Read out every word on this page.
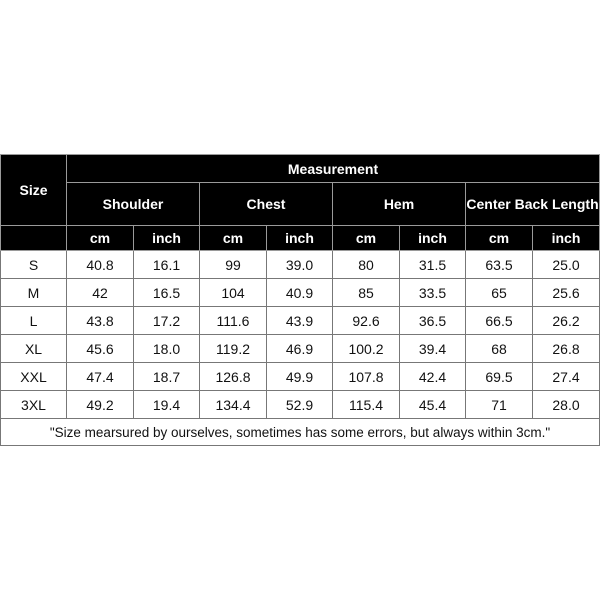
Size	Measurement							
	Shoulder		Chest		Hem		Center Back Length	
	cm	inch	cm	inch	cm	inch	cm	inch
S	40.8	16.1	99	39.0	80	31.5	63.5	25.0
M	42	16.5	104	40.9	85	33.5	65	25.6
L	43.8	17.2	111.6	43.9	92.6	36.5	66.5	26.2
XL	45.6	18.0	119.2	46.9	100.2	39.4	68	26.8
XXL	47.4	18.7	126.8	49.9	107.8	42.4	69.5	27.4
3XL	49.2	19.4	134.4	52.9	115.4	45.4	71	28.0
"Size mearsured by ourselves, sometimes has some errors, but always within 3cm."								
